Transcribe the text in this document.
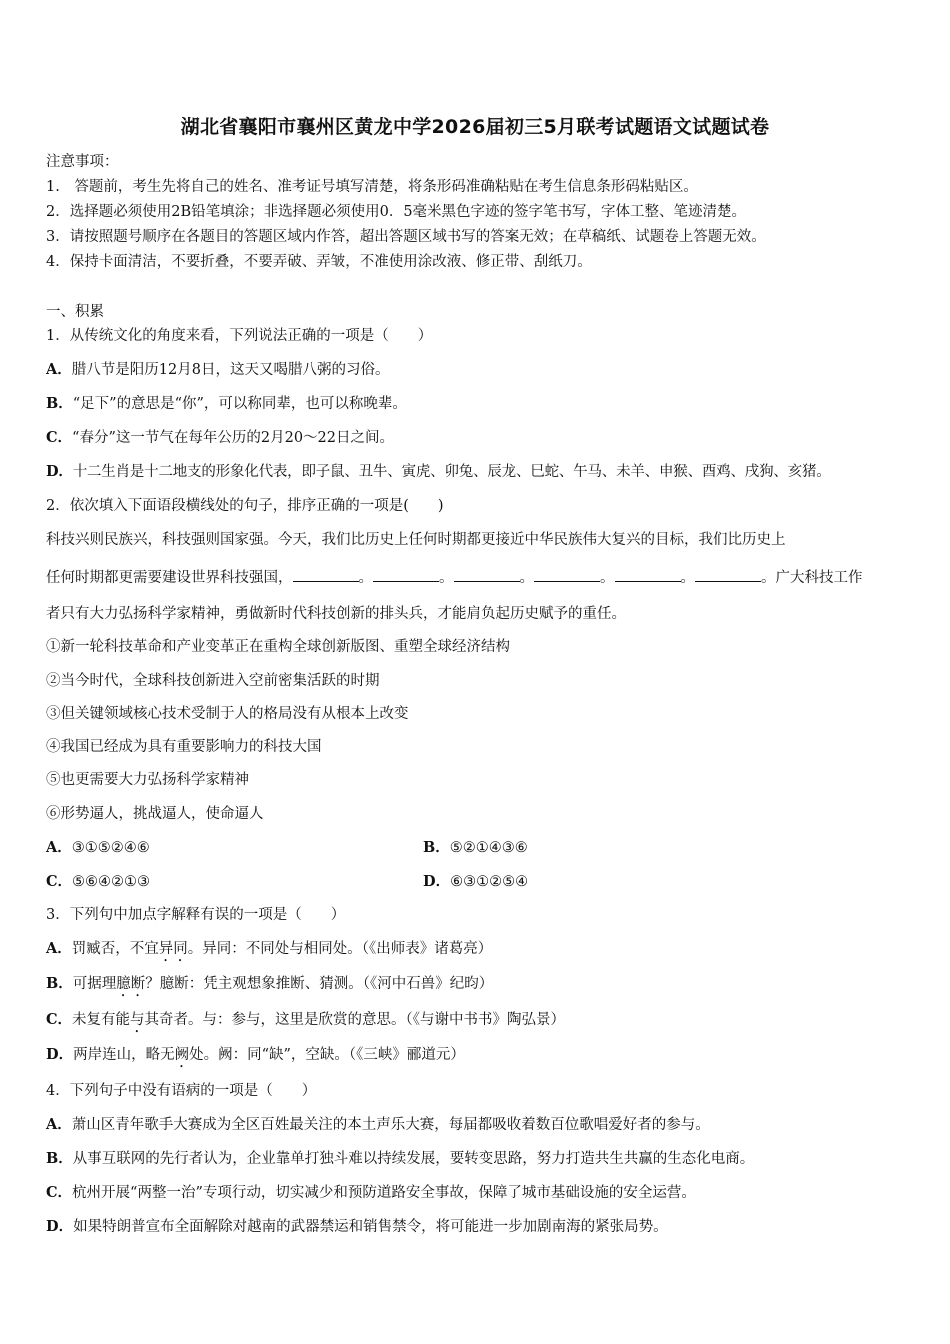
湖北省襄阳市襄州区黄龙中学2026届初三5月联考试题语文试题试卷
注意事项：
1.　答题前，考生先将自己的姓名、准考证号填写清楚，将条形码准确粘贴在考生信息条形码粘贴区。
2．选择题必须使用2B铅笔填涂；非选择题必须使用0．5毫米黑色字迹的签字笔书写，字体工整、笔迹清楚。
3．请按照题号顺序在各题目的答题区域内作答，超出答题区域书写的答案无效；在草稿纸、试题卷上答题无效。
4．保持卡面清洁，不要折叠，不要弄破、弄皱，不准使用涂改液、修正带、刮纸刀。
一、积累
1．从传统文化的角度来看，下列说法正确的一项是（　　）
A．腊八节是阳历12月8日，这天又喝腊八粥的习俗。
B．“足下”的意思是“你”，可以称同辈，也可以称晚辈。
C．“春分”这一节气在每年公历的2月20～22日之间。
D．十二生肖是十二地支的形象化代表，即子鼠、丑牛、寅虎、卯兔、辰龙、巳蛇、午马、未羊、申猴、酉鸡、戌狗、亥猪。
2．依次填入下面语段横线处的句子，排序正确的一项是(　　)
科技兴则民族兴，科技强则国家强。今天，我们比历史上任何时期都更接近中华民族伟大复兴的目标，我们比历史上
任何时期都更需要建设世界科技强国，	。	。	。	。	。	。广大科技工作
者只有大力弘扬科学家精神，勇做新时代科技创新的排头兵，才能肩负起历史赋予的重任。
①新一轮科技革命和产业变革正在重构全球创新版图、重塑全球经济结构
②当今时代，全球科技创新进入空前密集活跃的时期
③但关键领域核心技术受制于人的格局没有从根本上改变
④我国已经成为具有重要影响力的科技大国
⑤也更需要大力弘扬科学家精神
⑥形势逼人，挑战逼人，使命逼人
A．③①⑤②④⑥	B．⑤②①④③⑥
C．⑤⑥④②①③	D．⑥③①②⑤④
3．下列句中加点字解释有误的一项是（　　）
A．罚臧否，不宜异同。异同：不同处与相同处。（《出师表》诸葛亮）
B．可据理臆断？臆断：凭主观想象推断、猜测。（《河中石兽》纪昀）
C．未复有能与其奇者。与：参与，这里是欣赏的意思。（《与谢中书书》陶弘景）
D．两岸连山，略无阙处。阙：同“缺”，空缺。（《三峡》郦道元）
4．下列句子中没有语病的一项是（　　）
A．萧山区青年歌手大赛成为全区百姓最关注的本土声乐大赛，每届都吸收着数百位歌唱爱好者的参与。
B．从事互联网的先行者认为，企业靠单打独斗难以持续发展，要转变思路，努力打造共生共赢的生态化电商。
C．杭州开展“两整一治”专项行动，切实减少和预防道路安全事故，保障了城市基础设施的安全运营。
D．如果特朗普宣布全面解除对越南的武器禁运和销售禁令，将可能进一步加剧南海的紧张局势。
